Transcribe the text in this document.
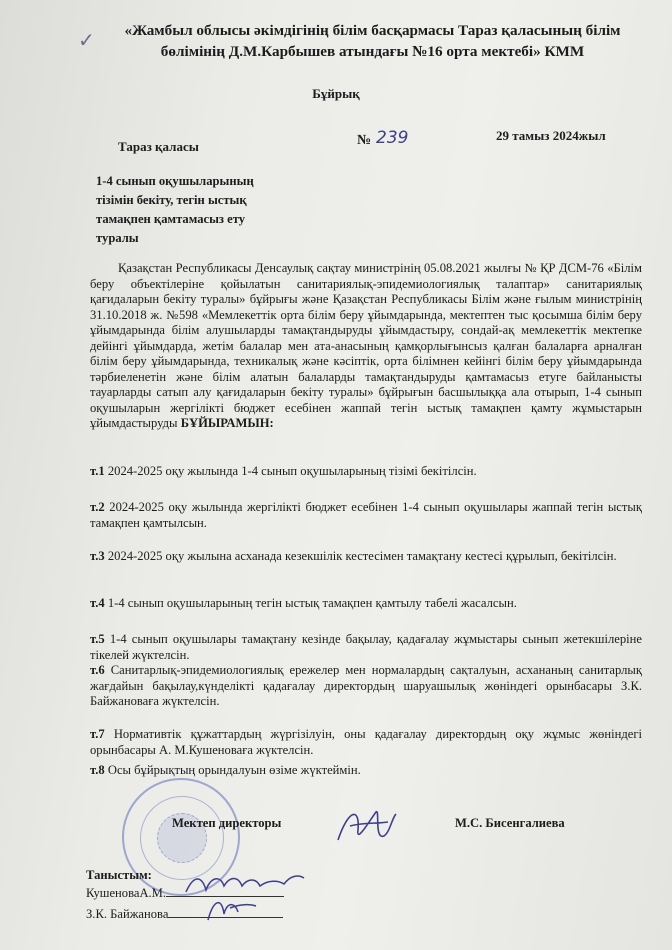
✓	«Жамбыл облысы әкімдігінің білім басқармасы Тараз қаласының білім бөлімінің Д.М.Карбышев атындағы №16 орта мектебі» КММ
Бұйрық
Тараз қаласы	№ 239	29 тамыз 2024жыл
1-4 сынып оқушыларының тізімін бекіту, тегін ыстық тамақпен қамтамасыз ету туралы
Қазақстан Республикасы Денсаулық сақтау министрінің 05.08.2021 жылғы № ҚР ДСМ-76 «Білім беру объектілеріне қойылатын санитариялық-эпидемиологиялық талаптар» санитариялық қағидаларын бекіту туралы» бұйрығы және Қазақстан Республикасы Білім және ғылым министрінің 31.10.2018 ж. №598 «Мемлекеттік орта білім беру ұйымдарында, мектептен тыс қосымша білім беру ұйымдарында білім алушыларды тамақтандыруды ұйымдастыру, сондай-ақ мемлекеттік мектепке дейінгі ұйымдарда, жетім балалар мен ата-анасының қамқорлығынсыз қалған балаларға арналған білім беру ұйымдарында, техникалық және кәсіптік, орта білімнен кейінгі білім беру ұйымдарында тәрбиеленетін және білім алатын балаларды тамақтандыруды қамтамасыз етуге байланысты тауарларды сатып алу қағидаларын бекіту туралы» бұйрығын басшылыққа ала отырып, 1-4 сынып оқушыларын жергілікті бюджет есебінен жаппай тегін ыстық тамақпен қамту жұмыстарын ұйымдастыруды БҰЙЫРАМЫН:
т.1 2024-2025 оқу жылында 1-4 сынып оқушыларының тізімі бекітілсін.
т.2 2024-2025 оқу жылында жергілікті бюджет есебінен 1-4 сынып оқушылары жаппай тегін ыстық тамақпен қамтылсын.
т.3 2024-2025 оқу жылына асханада кезекшілік кестесімен тамақтану кестесі құрылып, бекітілсін.
т.4 1-4 сынып оқушыларының тегін ыстық тамақпен қамтылу табелі жасалсын.
т.5 1-4 сынып оқушылары тамақтану кезінде бақылау, қадағалау жұмыстары сынып жетекшілеріне тікелей жүктелсін.
т.6 Санитарлық-эпидемиологиялық ережелер мен нормалардың сақталуын, асхананың санитарлық жағдайын бақылау,күнделікті қадағалау директордың шаруашылық жөніндегі орынбасары З.К. Байжановаға жүктелсін.
т.7 Нормативтік құжаттардың жүргізілуін, оны қадағалау директордың оқу жұмыс жөніндегі орынбасары А. М.Кушеноваға жүктелсін.
т.8 Осы бұйрықтың орындалуын өзіме жүктеймін.
Мектеп директоры	М.С. Бисенгалиева
Таныстым:
КушеноваА.М.
З.К. Байжанова
